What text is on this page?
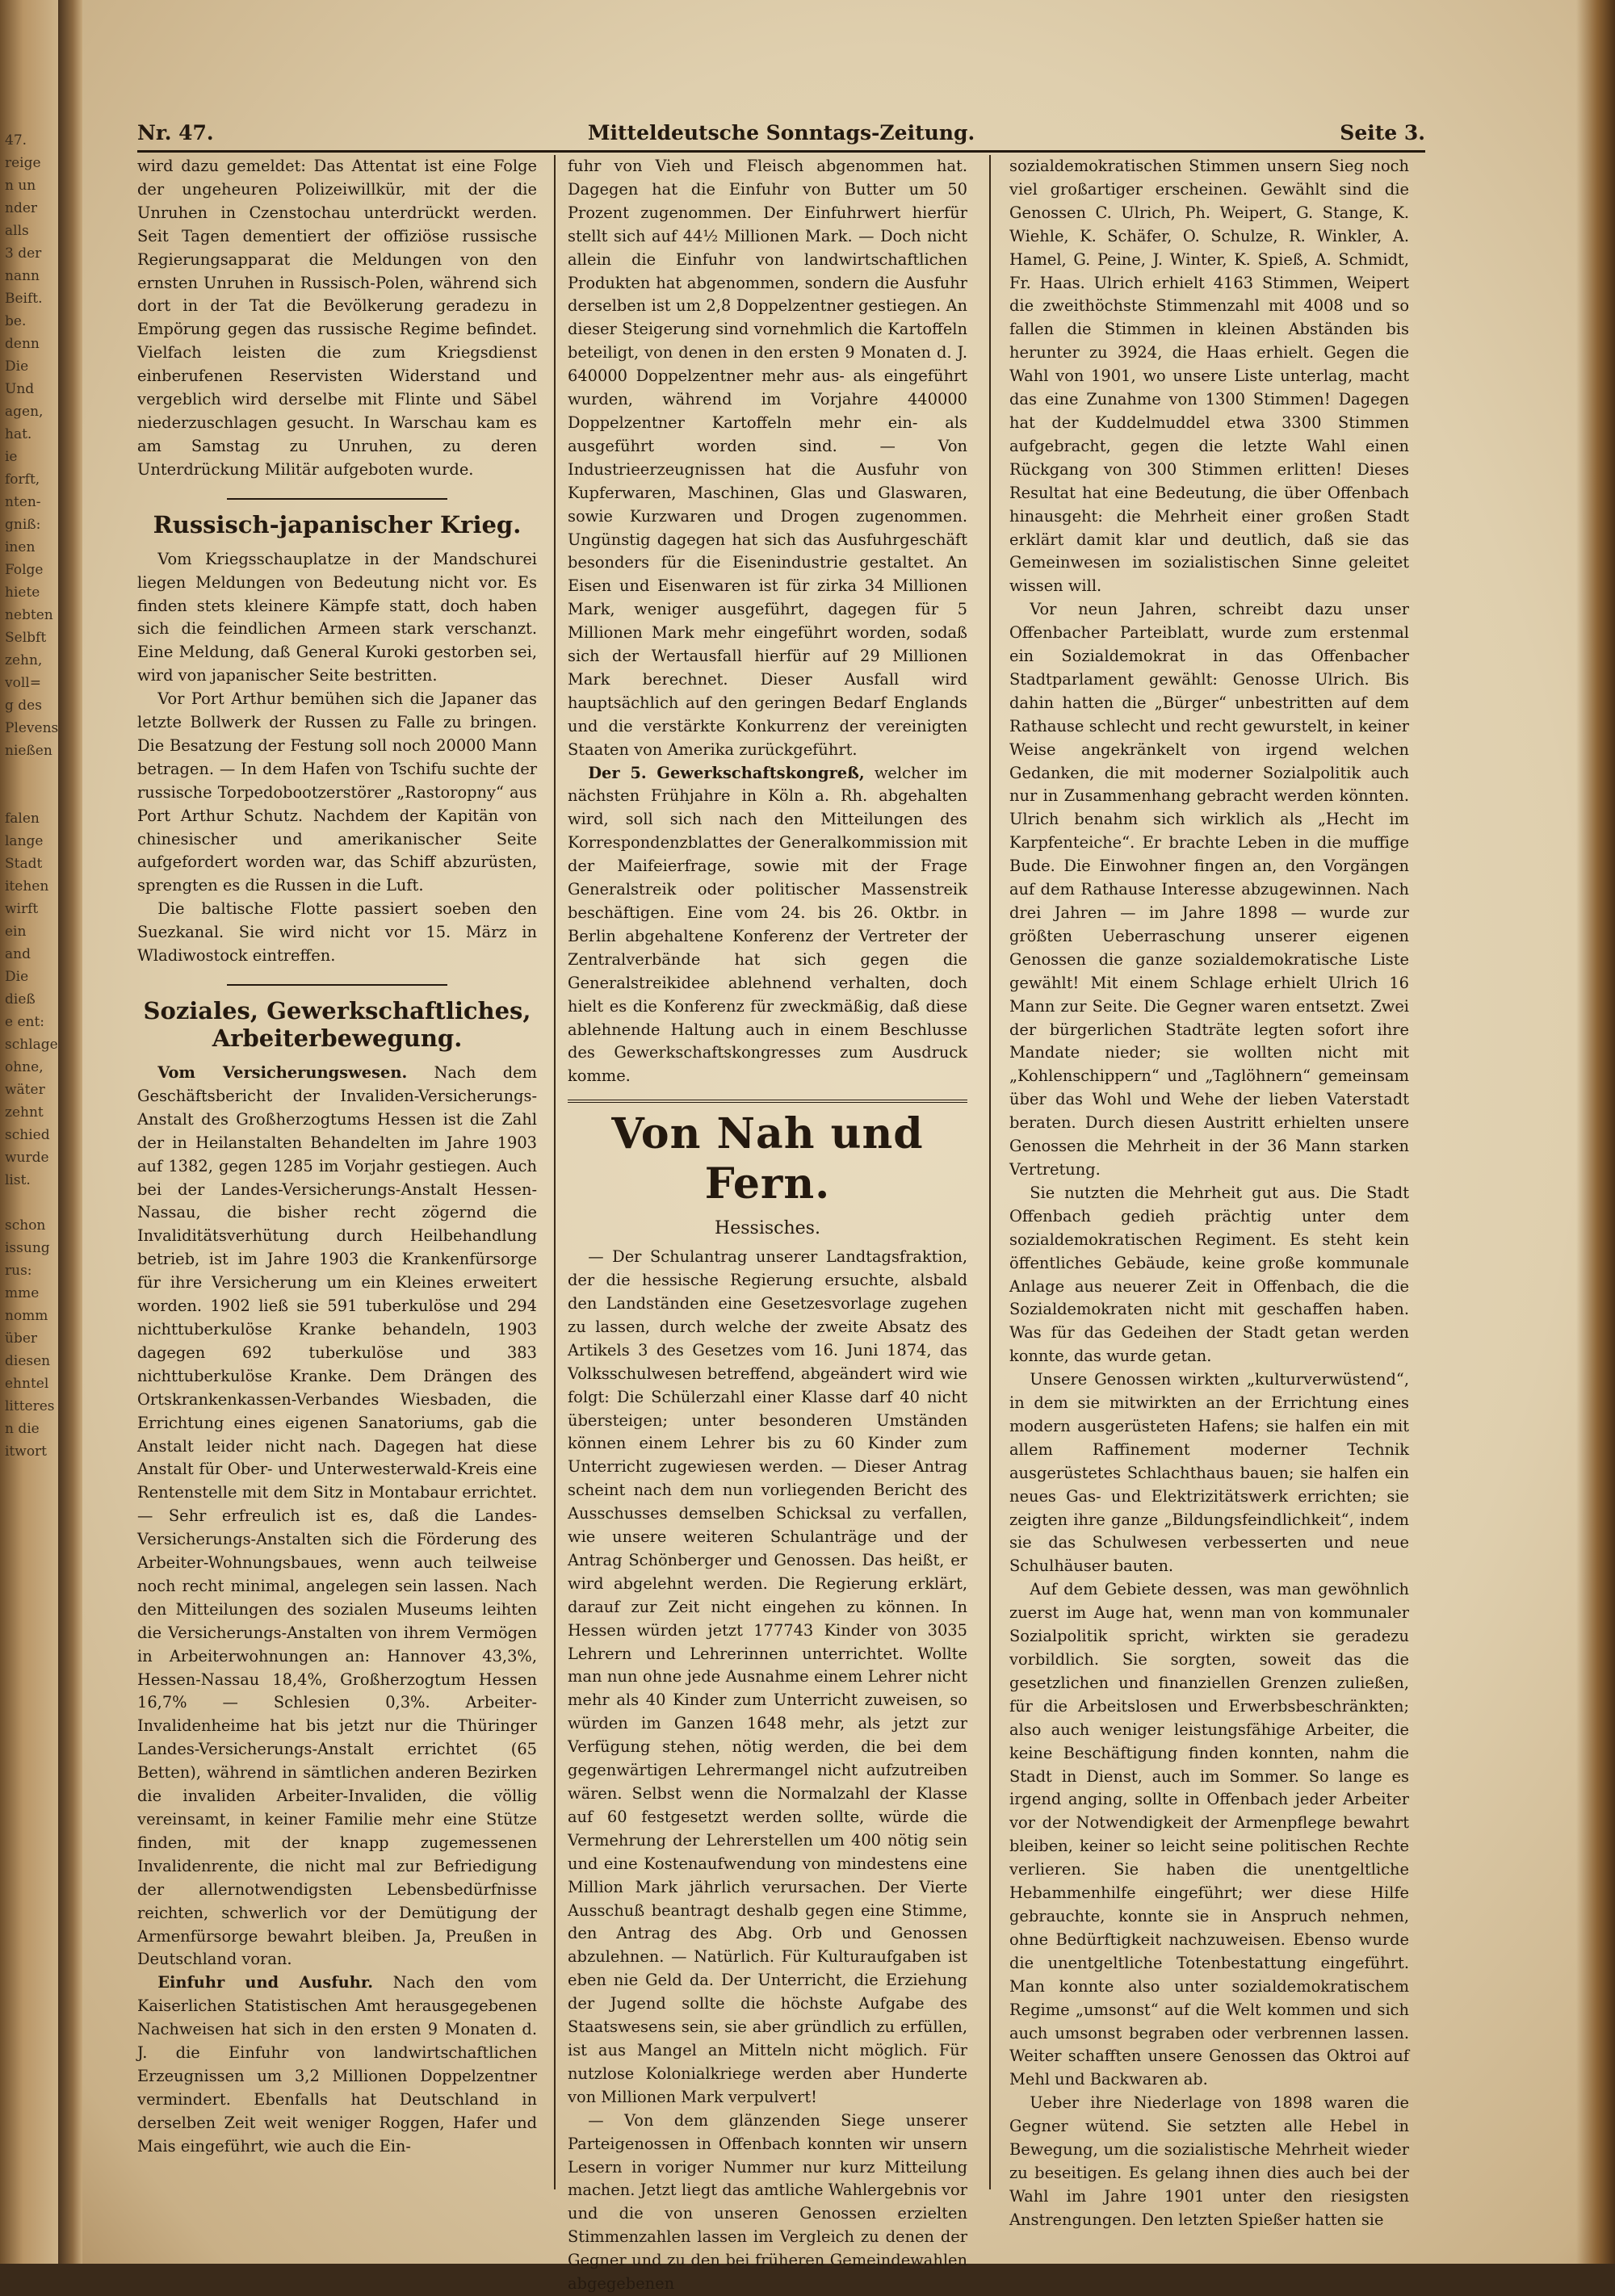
47.
reige
n un
nder
alls
3 der
nann
Beift.
be.
denn
Die
Und
agen,
hat.
ie
forft,
nten-
gniß:
inen
Folge
hiete
nebten
Selbft
zehn,
voll=
g des
Plevens
nießen

falen
lange
Stadt
itehen
wirft
ein
and
Die
dieß
e ent:
schlage
ohne,
wäter
zehnt
schied
wurde
list.

schon
issung
rus:
mme
nomm
über
diesen
ehntel
litteres
n die
itwort

Mitteldeutsche Sonntags-Zeitung.
Nr. 47.	Seite 3.

wird dazu gemeldet: Das Attentat ist eine Folge der ungeheuren Polizeiwillkür, mit der die Unruhen in Czenstochau unterdrückt werden. Seit Tagen dementiert der offiziöse russische Regierungsapparat die Meldungen von den ernsten Unruhen in Russisch-Polen, während sich dort in der Tat die Bevölkerung geradezu in Empörung gegen das russische Regime befindet. Vielfach leisten die zum Kriegsdienst einberufenen Reservisten Widerstand und vergeblich wird derselbe mit Flinte und Säbel niederzuschlagen gesucht. In Warschau kam es am Samstag zu Unruhen, zu deren Unterdrückung Militär aufgeboten wurde.

Russisch-japanischer Krieg.

Vom Kriegsschauplatze in der Mandschurei liegen Meldungen von Bedeutung nicht vor. Es finden stets kleinere Kämpfe statt, doch haben sich die feindlichen Armeen stark verschanzt. Eine Meldung, daß General Kuroki gestorben sei, wird von japanischer Seite bestritten.

Vor Port Arthur bemühen sich die Japaner das letzte Bollwerk der Russen zu Falle zu bringen. Die Besatzung der Festung soll noch 20000 Mann betragen. — In dem Hafen von Tschifu suchte der russische Torpedobootzerstörer „Rastoropny“ aus Port Arthur Schutz. Nachdem der Kapitän von chinesischer und amerikanischer Seite aufgefordert worden war, das Schiff abzurüsten, sprengten es die Russen in die Luft.

Die baltische Flotte passiert soeben den Suezkanal. Sie wird nicht vor 15. März in Wladiwostock eintreffen.

Soziales, Gewerkschaftliches, Arbeiterbewegung.

Vom Versicherungswesen. Nach dem Geschäftsbericht der Invaliden-Versicherungs-Anstalt des Großherzogtums Hessen ist die Zahl der in Heilanstalten Behandelten im Jahre 1903 auf 1382, gegen 1285 im Vorjahr gestiegen. Auch bei der Landes-Versicherungs-Anstalt Hessen-Nassau, die bisher recht zögernd die Invaliditätsverhütung durch Heilbehandlung betrieb, ist im Jahre 1903 die Krankenfürsorge für ihre Versicherung um ein Kleines erweitert worden. 1902 ließ sie 591 tuberkulöse und 294 nichttuberkulöse Kranke behandeln, 1903 dagegen 692 tuberkulöse und 383 nichttuberkulöse Kranke. Dem Drängen des Ortskrankenkassen-Verbandes Wiesbaden, die Errichtung eines eigenen Sanatoriums, gab die Anstalt leider nicht nach. Dagegen hat diese Anstalt für Ober- und Unterwesterwald-Kreis eine Rentenstelle mit dem Sitz in Montabaur errichtet. — Sehr erfreulich ist es, daß die Landes-Versicherungs-Anstalten sich die Förderung des Arbeiter-Wohnungsbaues, wenn auch teilweise noch recht minimal, angelegen sein lassen. Nach den Mitteilungen des sozialen Museums leihten die Versicherungs-Anstalten von ihrem Vermögen in Arbeiterwohnungen an: Hannover 43,3%, Hessen-Nassau 18,4%, Großherzogtum Hessen 16,7% — Schlesien 0,3%. Arbeiter-Invalidenheime hat bis jetzt nur die Thüringer Landes-Versicherungs-Anstalt errichtet (65 Betten), während in sämtlichen anderen Bezirken die invaliden Arbeiter-Invaliden, die völlig vereinsamt, in keiner Familie mehr eine Stütze finden, mit der knapp zugemessenen Invalidenrente, die nicht mal zur Befriedigung der allernotwendigsten Lebensbedürfnisse reichten, schwerlich vor der Demütigung der Armenfürsorge bewahrt bleiben. Ja, Preußen in Deutschland voran.

Einfuhr und Ausfuhr. Nach den vom Kaiserlichen Statistischen Amt herausgegebenen Nachweisen hat sich in den ersten 9 Monaten d. J. die Einfuhr von landwirtschaftlichen Erzeugnissen um 3,2 Millionen Doppelzentner vermindert. Ebenfalls hat Deutschland in derselben Zeit weit weniger Roggen, Hafer und Mais eingeführt, wie auch die Ein-

fuhr von Vieh und Fleisch abgenommen hat. Dagegen hat die Einfuhr von Butter um 50 Prozent zugenommen. Der Einfuhrwert hierfür stellt sich auf 44½ Millionen Mark. — Doch nicht allein die Einfuhr von landwirtschaftlichen Produkten hat abgenommen, sondern die Ausfuhr derselben ist um 2,8 Doppelzentner gestiegen. An dieser Steigerung sind vornehmlich die Kartoffeln beteiligt, von denen in den ersten 9 Monaten d. J. 640000 Doppelzentner mehr aus- als eingeführt wurden, während im Vorjahre 440000 Doppelzentner Kartoffeln mehr ein- als ausgeführt worden sind. — Von Industrieerzeugnissen hat die Ausfuhr von Kupferwaren, Maschinen, Glas und Glaswaren, sowie Kurzwaren und Drogen zugenommen. Ungünstig dagegen hat sich das Ausfuhrgeschäft besonders für die Eisenindustrie gestaltet. An Eisen und Eisenwaren ist für zirka 34 Millionen Mark, weniger ausgeführt, dagegen für 5 Millionen Mark mehr eingeführt worden, sodaß sich der Wertausfall hierfür auf 29 Millionen Mark berechnet. Dieser Ausfall wird hauptsächlich auf den geringen Bedarf Englands und die verstärkte Konkurrenz der vereinigten Staaten von Amerika zurückgeführt.

Der 5. Gewerkschaftskongreß, welcher im nächsten Frühjahre in Köln a. Rh. abgehalten wird, soll sich nach den Mitteilungen des Korrespondenzblattes der Generalkommission mit der Maifeierfrage, sowie mit der Frage Generalstreik oder politischer Massenstreik beschäftigen. Eine vom 24. bis 26. Oktbr. in Berlin abgehaltene Konferenz der Vertreter der Zentralverbände hat sich gegen die Generalstreikidee ablehnend verhalten, doch hielt es die Konferenz für zweckmäßig, daß diese ablehnende Haltung auch in einem Beschlusse des Gewerkschaftskongresses zum Ausdruck komme.

Von Nah und Fern.
Hessisches.

— Der Schulantrag unserer Landtagsfraktion, der die hessische Regierung ersuchte, alsbald den Landständen eine Gesetzesvorlage zugehen zu lassen, durch welche der zweite Absatz des Artikels 3 des Gesetzes vom 16. Juni 1874, das Volksschulwesen betreffend, abgeändert wird wie folgt: Die Schülerzahl einer Klasse darf 40 nicht übersteigen; unter besonderen Umständen können einem Lehrer bis zu 60 Kinder zum Unterricht zugewiesen werden. — Dieser Antrag scheint nach dem nun vorliegenden Bericht des Ausschusses demselben Schicksal zu verfallen, wie unsere weiteren Schulanträge und der Antrag Schönberger und Genossen. Das heißt, er wird abgelehnt werden. Die Regierung erklärt, darauf zur Zeit nicht eingehen zu können. In Hessen würden jetzt 177743 Kinder von 3035 Lehrern und Lehrerinnen unterrichtet. Wollte man nun ohne jede Ausnahme einem Lehrer nicht mehr als 40 Kinder zum Unterricht zuweisen, so würden im Ganzen 1648 mehr, als jetzt zur Verfügung stehen, nötig werden, die bei dem gegenwärtigen Lehrermangel nicht aufzutreiben wären. Selbst wenn die Normalzahl der Klasse auf 60 festgesetzt werden sollte, würde die Vermehrung der Lehrerstellen um 400 nötig sein und eine Kostenaufwendung von mindestens eine Million Mark jährlich verursachen. Der Vierte Ausschuß beantragt deshalb gegen eine Stimme, den Antrag des Abg. Orb und Genossen abzulehnen. — Natürlich. Für Kulturaufgaben ist eben nie Geld da. Der Unterricht, die Erziehung der Jugend sollte die höchste Aufgabe des Staatswesens sein, sie aber gründlich zu erfüllen, ist aus Mangel an Mitteln nicht möglich. Für nutzlose Kolonialkriege werden aber Hunderte von Millionen Mark verpulvert!

— Von dem glänzenden Siege unserer Parteigenossen in Offenbach konnten wir unsern Lesern in voriger Nummer nur kurz Mitteilung machen. Jetzt liegt das amtliche Wahlergebnis vor und die von unseren Genossen erzielten Stimmenzahlen lassen im Vergleich zu denen der Gegner und zu den bei früheren Gemeindewahlen abgegebenen

sozialdemokratischen Stimmen unsern Sieg noch viel großartiger erscheinen. Gewählt sind die Genossen C. Ulrich, Ph. Weipert, G. Stange, K. Wiehle, K. Schäfer, O. Schulze, R. Winkler, A. Hamel, G. Peine, J. Winter, K. Spieß, A. Schmidt, Fr. Haas. Ulrich erhielt 4163 Stimmen, Weipert die zweithöchste Stimmenzahl mit 4008 und so fallen die Stimmen in kleinen Abständen bis herunter zu 3924, die Haas erhielt. Gegen die Wahl von 1901, wo unsere Liste unterlag, macht das eine Zunahme von 1300 Stimmen! Dagegen hat der Kuddelmuddel etwa 3300 Stimmen aufgebracht, gegen die letzte Wahl einen Rückgang von 300 Stimmen erlitten! Dieses Resultat hat eine Bedeutung, die über Offenbach hinausgeht: die Mehrheit einer großen Stadt erklärt damit klar und deutlich, daß sie das Gemeinwesen im sozialistischen Sinne geleitet wissen will.

Vor neun Jahren, schreibt dazu unser Offenbacher Parteiblatt, wurde zum erstenmal ein Sozialdemokrat in das Offenbacher Stadtparlament gewählt: Genosse Ulrich. Bis dahin hatten die „Bürger“ unbestritten auf dem Rathause schlecht und recht gewurstelt, in keiner Weise angekränkelt von irgend welchen Gedanken, die mit moderner Sozialpolitik auch nur in Zusammenhang gebracht werden könnten. Ulrich benahm sich wirklich als „Hecht im Karpfenteiche“. Er brachte Leben in die muffige Bude. Die Einwohner fingen an, den Vorgängen auf dem Rathause Interesse abzugewinnen. Nach drei Jahren — im Jahre 1898 — wurde zur größten Ueberraschung unserer eigenen Genossen die ganze sozialdemokratische Liste gewählt! Mit einem Schlage erhielt Ulrich 16 Mann zur Seite. Die Gegner waren entsetzt. Zwei der bürgerlichen Stadträte legten sofort ihre Mandate nieder; sie wollten nicht mit „Kohlenschippern“ und „Taglöhnern“ gemeinsam über das Wohl und Wehe der lieben Vaterstadt beraten. Durch diesen Austritt erhielten unsere Genossen die Mehrheit in der 36 Mann starken Vertretung.

Sie nutzten die Mehrheit gut aus. Die Stadt Offenbach gedieh prächtig unter dem sozialdemokratischen Regiment. Es steht kein öffentliches Gebäude, keine große kommunale Anlage aus neuerer Zeit in Offenbach, die die Sozialdemokraten nicht mit geschaffen haben. Was für das Gedeihen der Stadt getan werden konnte, das wurde getan.

Unsere Genossen wirkten „kulturverwüstend“, in dem sie mitwirkten an der Errichtung eines modern ausgerüsteten Hafens; sie halfen ein mit allem Raffinement moderner Technik ausgerüstetes Schlachthaus bauen; sie halfen ein neues Gas- und Elektrizitätswerk errichten; sie zeigten ihre ganze „Bildungsfeindlichkeit“, indem sie das Schulwesen verbesserten und neue Schulhäuser bauten.

Auf dem Gebiete dessen, was man gewöhnlich zuerst im Auge hat, wenn man von kommunaler Sozialpolitik spricht, wirkten sie geradezu vorbildlich. Sie sorgten, soweit das die gesetzlichen und finanziellen Grenzen zuließen, für die Arbeitslosen und Erwerbsbeschränkten; also auch weniger leistungsfähige Arbeiter, die keine Beschäftigung finden konnten, nahm die Stadt in Dienst, auch im Sommer. So lange es irgend anging, sollte in Offenbach jeder Arbeiter vor der Notwendigkeit der Armenpflege bewahrt bleiben, keiner so leicht seine politischen Rechte verlieren. Sie haben die unentgeltliche Hebammenhilfe eingeführt; wer diese Hilfe gebrauchte, konnte sie in Anspruch nehmen, ohne Bedürftigkeit nachzuweisen. Ebenso wurde die unentgeltliche Totenbestattung eingeführt. Man konnte also unter sozialdemokratischem Regime „umsonst“ auf die Welt kommen und sich auch umsonst begraben oder verbrennen lassen. Weiter schafften unsere Genossen das Oktroi auf Mehl und Backwaren ab.

Ueber ihre Niederlage von 1898 waren die Gegner wütend. Sie setzten alle Hebel in Bewegung, um die sozialistische Mehrheit wieder zu beseitigen. Es gelang ihnen dies auch bei der Wahl im Jahre 1901 unter den riesigsten Anstrengungen. Den letzten Spießer hatten sie
